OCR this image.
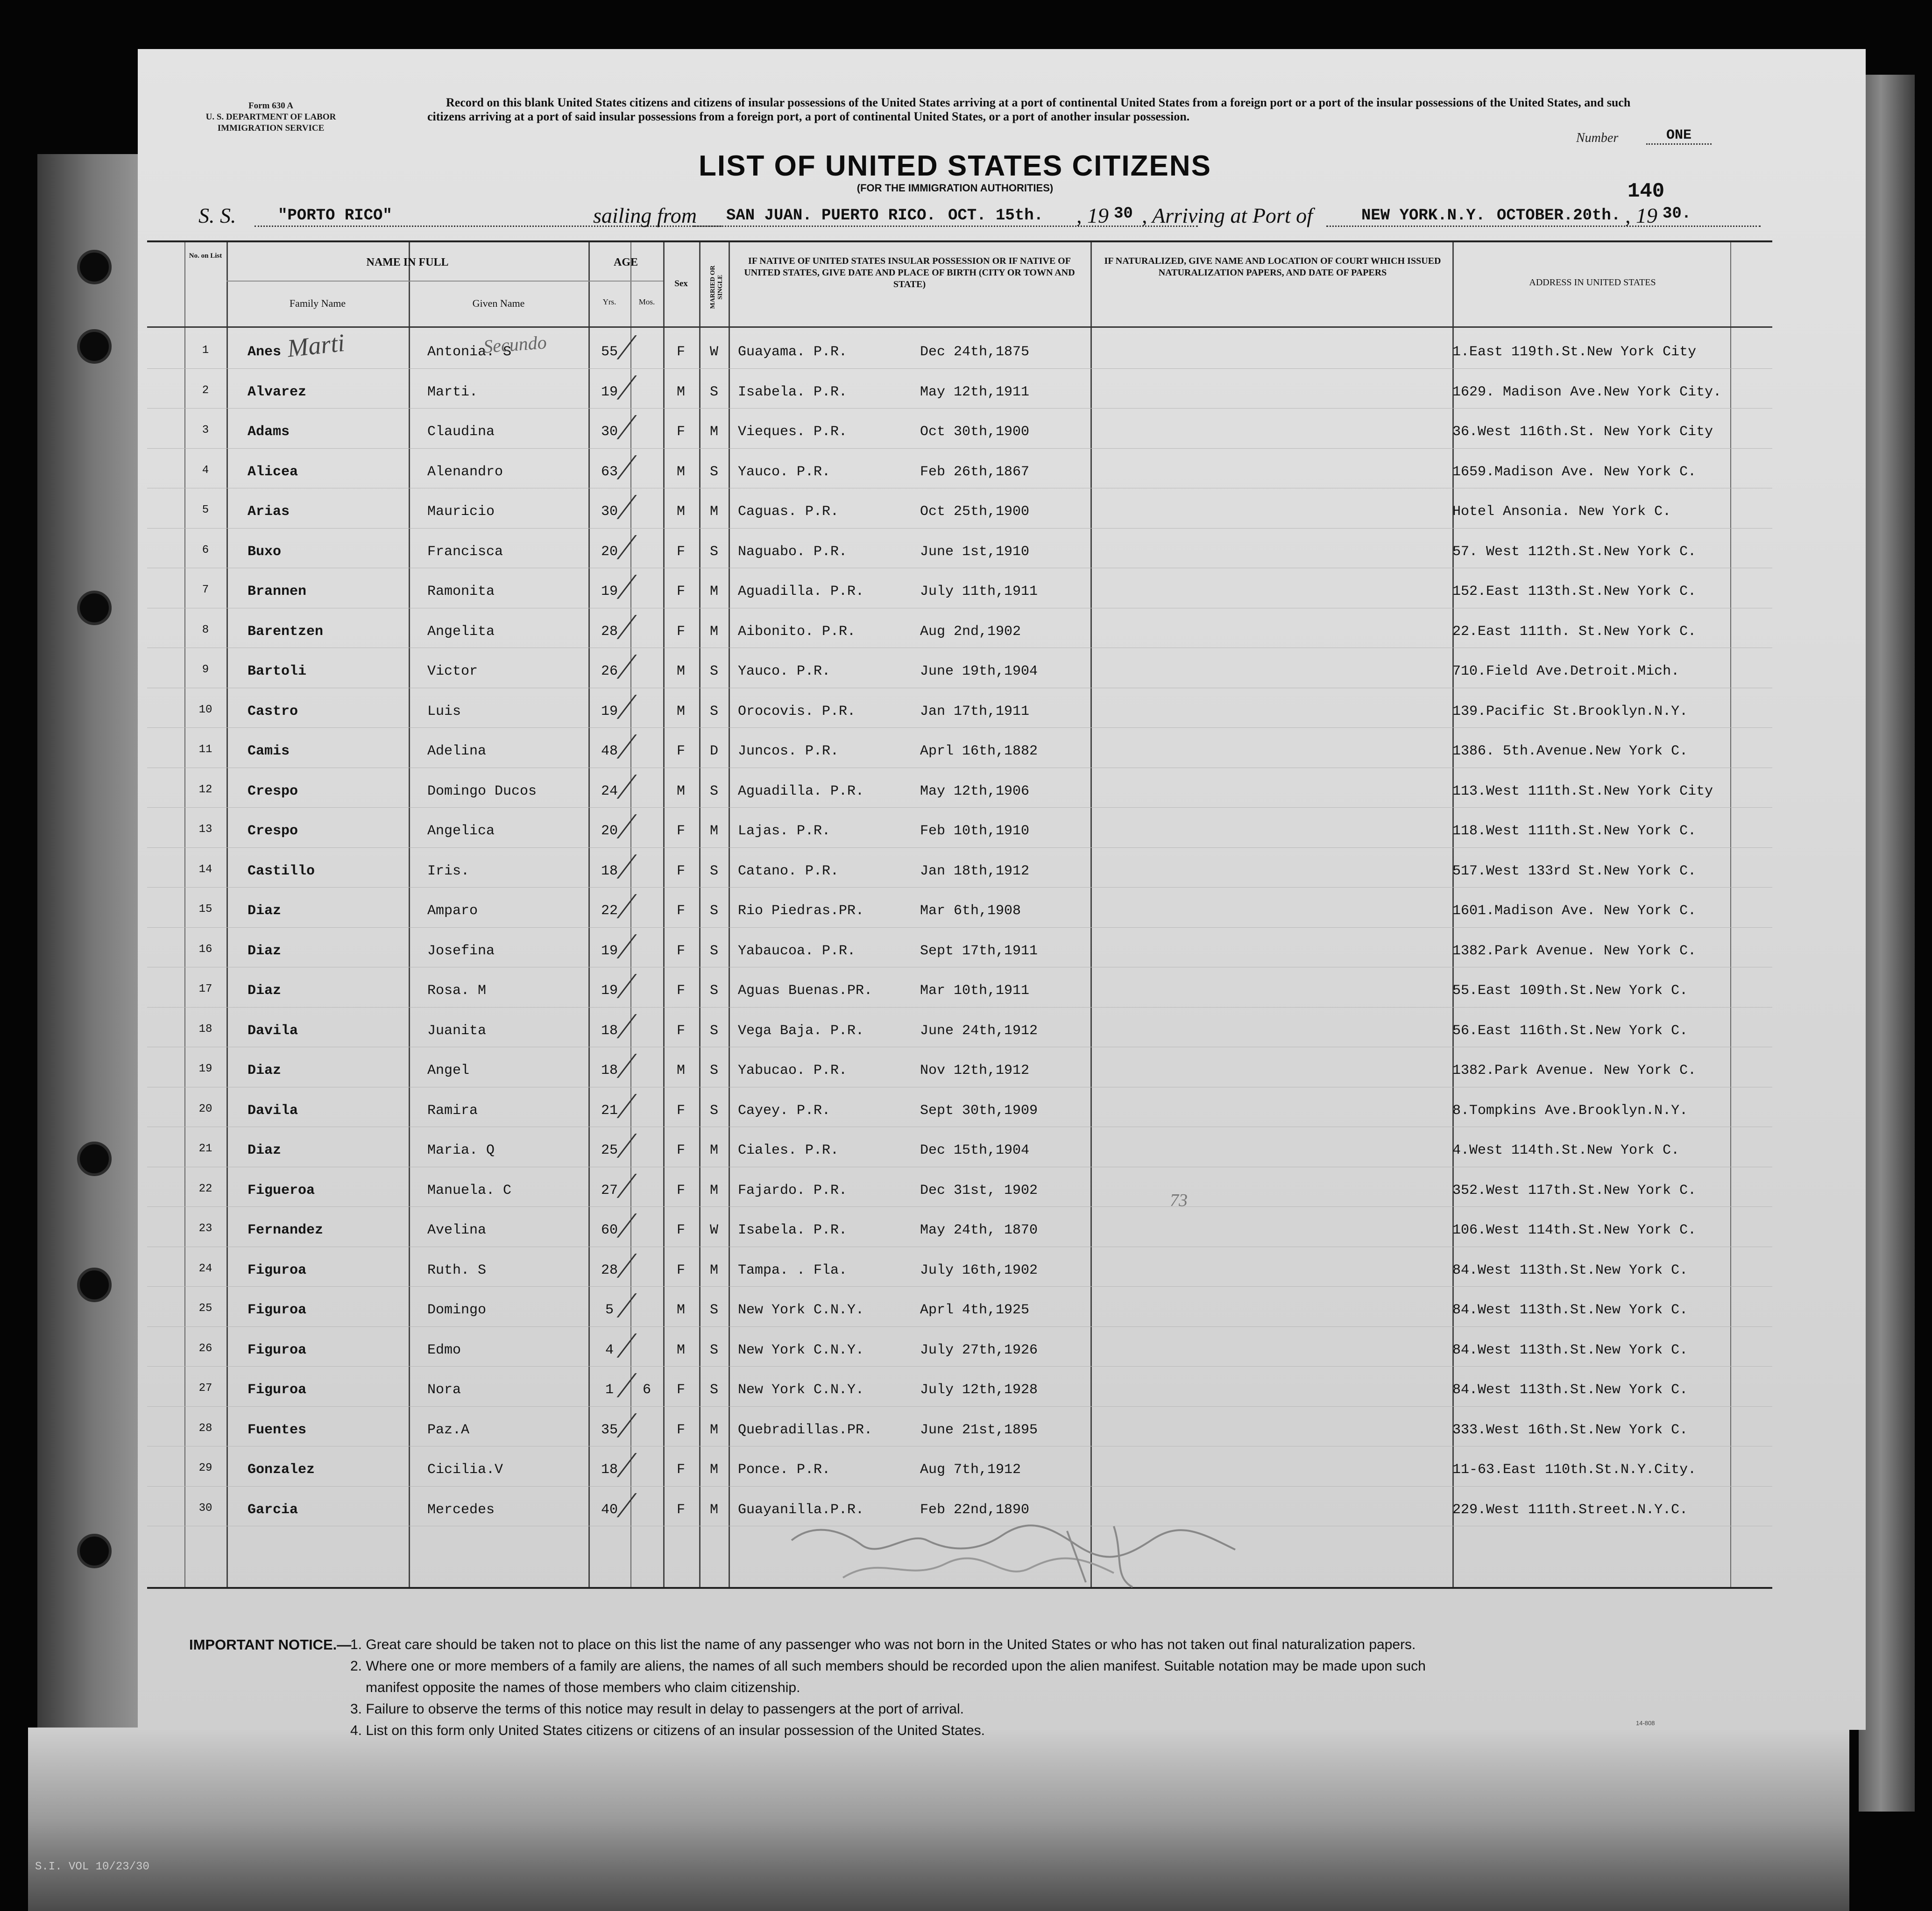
S.I. VOL 10/23/30
Form 630 A
U. S. DEPARTMENT OF LABOR
IMMIGRATION SERVICE
Record on this blank United States citizens and citizens of insular possessions of the United States arriving at a port of continental United States from a foreign port or a port of the insular possessions of the United States, and such citizens arriving at a port of said insular possessions from a foreign port, a port of continental United States, or a port of another insular possession.
Number	ONE
LIST OF UNITED STATES CITIZENS
(FOR THE IMMIGRATION AUTHORITIES)	140
S. S.	"PORTO RICO"	sailing from SAN JUAN. PUERTO RICO. OCT. 15th. , 19 30 , Arriving at Port of	NEW YORK.N.Y. OCTOBER.20th. , 19 30.
No. on List
NAME IN FULL
Family Name	Given Name
AGE
Yrs.	Mos.
Sex	MARRIED OR SINGLE
IF NATIVE OF UNITED STATES INSULAR POSSESSION OR IF NATIVE OF UNITED STATES, GIVE DATE AND PLACE OF BIRTH (CITY OR TOWN AND STATE)
IF NATURALIZED, GIVE NAME AND LOCATION OF COURT WHICH ISSUED NATURALIZATION PAPERS, AND DATE OF PAPERS
ADDRESS IN UNITED STATES
1	Anes	Antonia. S	55	F	W	Guayama. P.R.	Dec 24th,1875	1.East 119th.St.New York City
╱
2	Alvarez	Marti.	19	M	S	Isabela. P.R.	May 12th,1911	1629. Madison Ave.New York City.
╱
3	Adams	Claudina	30	F	M	Vieques. P.R.	Oct 30th,1900	36.West 116th.St. New York City
╱
4	Alicea	Alenandro	63	M	S	Yauco. P.R.	Feb 26th,1867	1659.Madison Ave. New York C.
╱
5	Arias	Mauricio	30	M	M	Caguas. P.R.	Oct 25th,1900	Hotel Ansonia. New York C.
╱
6	Buxo	Francisca	20	F	S	Naguabo. P.R.	June 1st,1910	57. West 112th.St.New York C.
╱
7	Brannen	Ramonita	19	F	M	Aguadilla. P.R.	July 11th,1911	152.East 113th.St.New York C.
╱
8	Barentzen	Angelita	28	F	M	Aibonito. P.R.	Aug 2nd,1902	22.East 111th. St.New York C.
╱
9	Bartoli	Victor	26	M	S	Yauco. P.R.	June 19th,1904	710.Field Ave.Detroit.Mich.
╱
10	Castro	Luis	19	M	S	Orocovis. P.R.	Jan 17th,1911	139.Pacific St.Brooklyn.N.Y.
╱
11	Camis	Adelina	48	F	D	Juncos. P.R.	Aprl 16th,1882	1386. 5th.Avenue.New York C.
╱
12	Crespo	Domingo Ducos	24	M	S	Aguadilla. P.R.	May 12th,1906	113.West 111th.St.New York City
╱
13	Crespo	Angelica	20	F	M	Lajas. P.R.	Feb 10th,1910	118.West 111th.St.New York C.
╱
14	Castillo	Iris.	18	F	S	Catano. P.R.	Jan 18th,1912	517.West 133rd St.New York C.
╱
15	Diaz	Amparo	22	F	S	Rio Piedras.PR.	Mar 6th,1908	1601.Madison Ave. New York C.
╱
16	Diaz	Josefina	19	F	S	Yabaucoa. P.R.	Sept 17th,1911	1382.Park Avenue. New York C.
╱
17	Diaz	Rosa. M	19	F	S	Aguas Buenas.PR.	Mar 10th,1911	55.East 109th.St.New York C.
╱
18	Davila	Juanita	18	F	S	Vega Baja. P.R.	June 24th,1912	56.East 116th.St.New York C.
╱
19	Diaz	Angel	18	M	S	Yabucao. P.R.	Nov 12th,1912	1382.Park Avenue. New York C.
╱
20	Davila	Ramira	21	F	S	Cayey. P.R.	Sept 30th,1909	8.Tompkins Ave.Brooklyn.N.Y.
╱
21	Diaz	Maria. Q	25	F	M	Ciales. P.R.	Dec 15th,1904	4.West 114th.St.New York C.
╱
22	Figueroa	Manuela. C	27	F	M	Fajardo. P.R.	Dec 31st, 1902	352.West 117th.St.New York C.
╱
23	Fernandez	Avelina	60	F	W	Isabela. P.R.	May 24th, 1870	106.West 114th.St.New York C.
╱
24	Figuroa	Ruth. S	28	F	M	Tampa. . Fla.	July 16th,1902	84.West 113th.St.New York C.
╱
25	Figuroa	Domingo	5	M	S	New York C.N.Y.	Aprl 4th,1925	84.West 113th.St.New York C.
╱
26	Figuroa	Edmo	4	M	S	New York C.N.Y.	July 27th,1926	84.West 113th.St.New York C.
╱
27	Figuroa	Nora	1	6	F	S	New York C.N.Y.	July 12th,1928	84.West 113th.St.New York C.
╱
28	Fuentes	Paz.A	35	F	M	Quebradillas.PR.	June 21st,1895	333.West 16th.St.New York C.
╱
29	Gonzalez	Cicilia.V	18	F	M	Ponce. P.R.	Aug 7th,1912	11-63.East 110th.St.N.Y.City.
╱
30	Garcia	Mercedes	40	F	M	Guayanilla.P.R.	Feb 22nd,1890	229.West 111th.Street.N.Y.C.
╱
Marti	Secundo
73
IMPORTANT NOTICE.—
1. Great care should be taken not to place on this list the name of any passenger who was not born in the United States or who has not taken out final naturalization papers.
2. Where one or more members of a family are aliens, the names of all such members should be recorded upon the alien manifest. Suitable notation may be made upon such
manifest opposite the names of those members who claim citizenship.
3. Failure to observe the terms of this notice may result in delay to passengers at the port of arrival.
4. List on this form only United States citizens or citizens of an insular possession of the United States.	14-808
